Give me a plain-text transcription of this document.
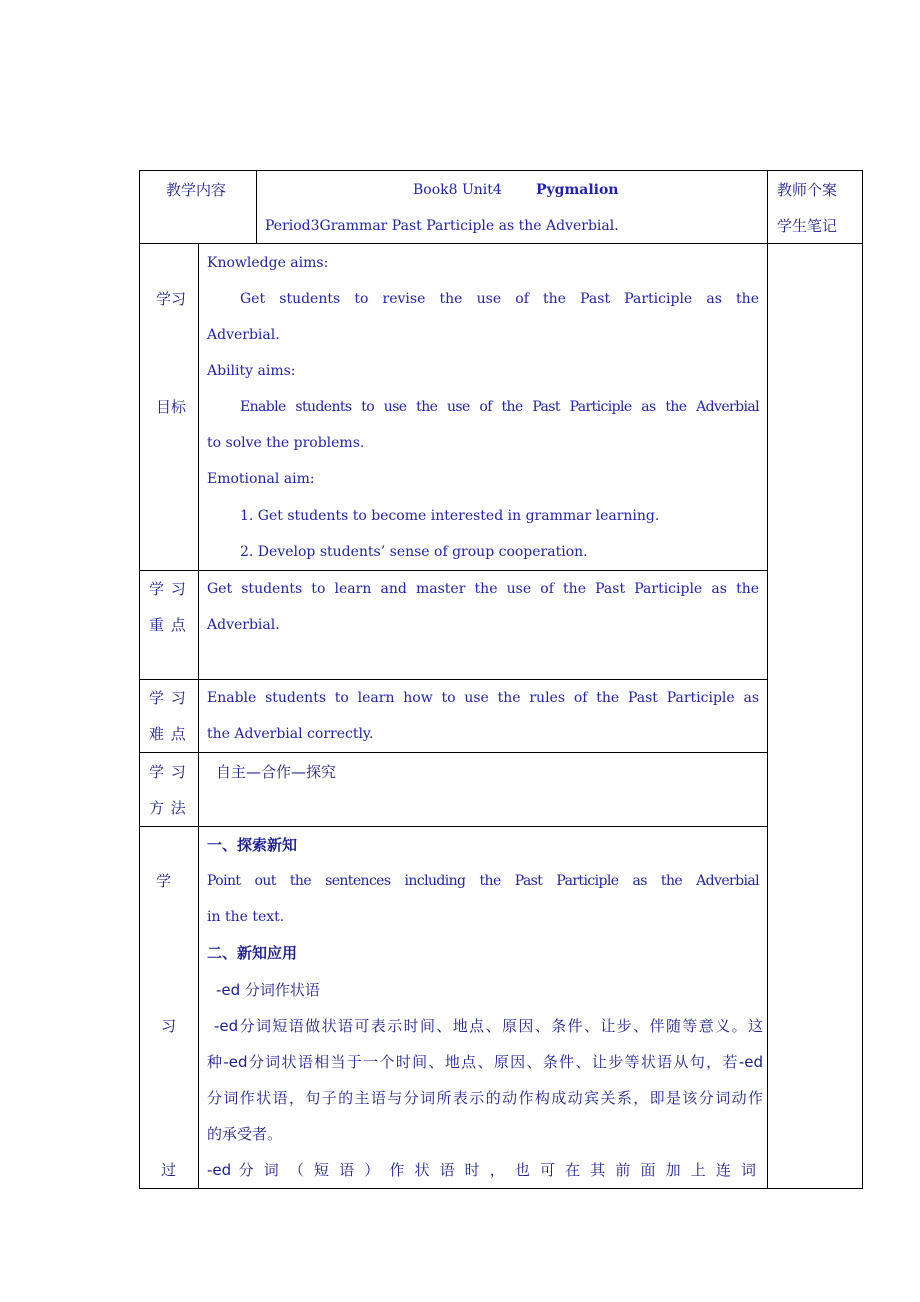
教学内容	Book8 Unit4 Pygmalion
Period3Grammar Past Participle as the Adverbial.
教师个案
学生笔记
学习
目标
Knowledge aims:
Get students to revise the use of the Past Participle as the
Adverbial.
Ability aims:
Enable students to use the use of the Past Participle as the Adverbial
to solve the problems.
Emotional aim:
1. Get students to become interested in grammar learning.
2. Develop students’ sense of group cooperation.
学 习
重 点
Get students to learn and master the use of the Past Participle as the
Adverbial.
学 习
难 点
Enable students to learn how to use the rules of the Past Participle as
the Adverbial correctly.
学 习
方 法
自主—合作—探究
学
习
过
一、探索新知
Point out the sentences including the Past Participle as the Adverbial
in the text.
二、新知应用
-ed 分词作状语
-ed分词短语做状语可表示时间、地点、原因、条件、让步、伴随等意义。这
种-ed分词状语相当于一个时间、地点、原因、条件、让步等状语从句，若-ed
分词作状语，句子的主语与分词所表示的动作构成动宾关系，即是该分词动作
的承受者。
-ed 分 词 （ 短 语 ） 作 状 语 时 ， 也 可 在 其 前 面 加 上 连 词
